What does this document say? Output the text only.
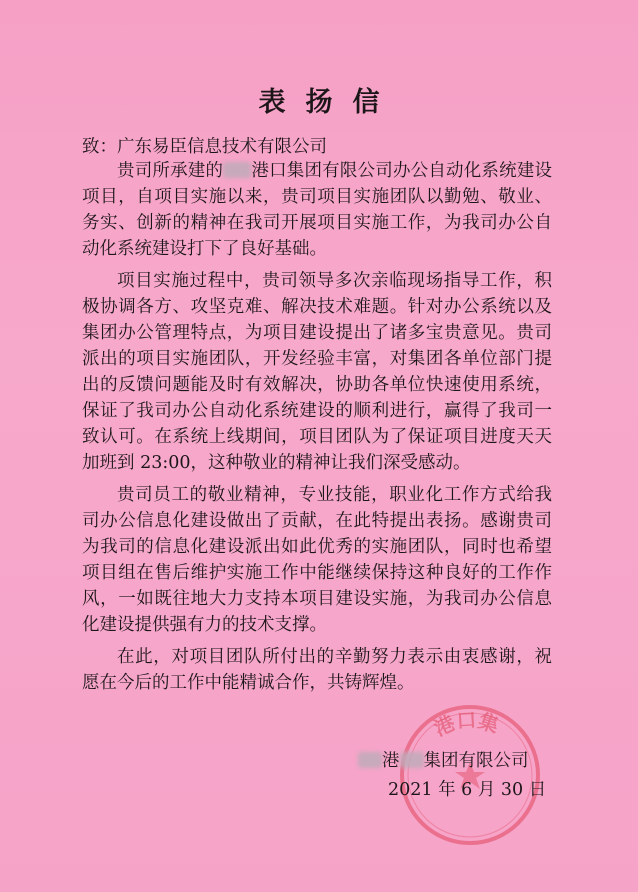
表扬信
致：广东易臣信息技术有限公司

贵司所承建的 港口集团有限公司办公自动化系统建设项目，自项目实施以来，贵司项目实施团队以勤勉、敬业、务实、创新的精神在我司开展项目实施工作，为我司办公自动化系统建设打下了良好基础。

项目实施过程中，贵司领导多次亲临现场指导工作，积极协调各方、攻坚克难、解决技术难题。针对办公系统以及集团办公管理特点，为项目建设提出了诸多宝贵意见。贵司派出的项目实施团队，开发经验丰富，对集团各单位部门提出的反馈问题能及时有效解决，协助各单位快速使用系统，保证了我司办公自动化系统建设的顺利进行，赢得了我司一致认可。在系统上线期间，项目团队为了保证项目进度天天加班到 23:00，这种敬业的精神让我们深受感动。

贵司员工的敬业精神，专业技能，职业化工作方式给我司办公信息化建设做出了贡献，在此特提出表扬。感谢贵司为我司的信息化建设派出如此优秀的实施团队，同时也希望项目组在售后维护实施工作中能继续保持这种良好的工作作风，一如既往地大力支持本项目建设实施，为我司办公信息化建设提供强有力的技术支撑。

在此，对项目团队所付出的辛勤努力表示由衷感谢，祝愿在今后的工作中能精诚合作，共铸辉煌。

港口集
港 集团有限公司
2021 年 6 月 30 日
